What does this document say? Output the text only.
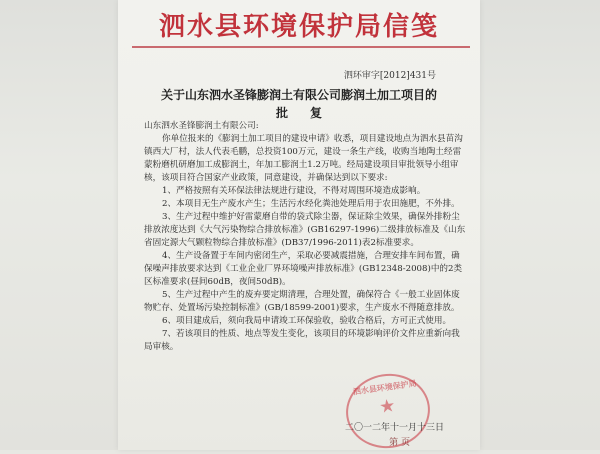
泗水县环境保护局信笺
泗环审字[2012]431号
关于山东泗水圣锋膨润土有限公司膨润土加工项目的
批复

山东泗水圣锋膨润土有限公司:

你单位报来的《膨润土加工项目的建设申请》收悉，项目建设地点为泗水县苗沟镇西大厂村，法人代表毛鹏，总投资100万元，建设一条生产线，收购当地陶土经雷蒙粉磨机研磨加工成膨润土，年加工膨润土1.2万吨。经局建设项目审批领导小组审核，该项目符合国家产业政策，同意建设，并确保达到以下要求:

1、严格按照有关环保法律法规进行建设，不得对周围环境造成影响。

2、本项目无生产废水产生；生活污水经化粪池处理后用于农田施肥，不外排。

3、生产过程中维护好雷蒙磨自带的袋式除尘器，保证除尘效果，确保外排粉尘排放浓度达到《大气污染物综合排放标准》(GB16297-1996)二级排放标准及《山东省固定源大气颗粒物综合排放标准》(DB37/1996-2011)表2标准要求。

4、生产设备置于车间内密闭生产，采取必要减震措施，合理安排车间布置，确保噪声排放要求达到《工业企业厂界环境噪声排放标准》(GB12348-2008)中的2类区标准要求(昼间60dB，夜间50dB)。

5、生产过程中产生的废弃要定期清理，合理处置，确保符合《一般工业固体废物贮存、处置场污染控制标准》(GB/18599-2001)要求，生产废水不得随意排放。

6、项目建成后，须向我局申请竣工环保验收，验收合格后，方可正式使用。

7、若该项目的性质、地点等发生变化，该项目的环境影响评价文件应重新向我局审核。

泗水县环境保护局
★
二〇一二年十一月十三日
第 页
